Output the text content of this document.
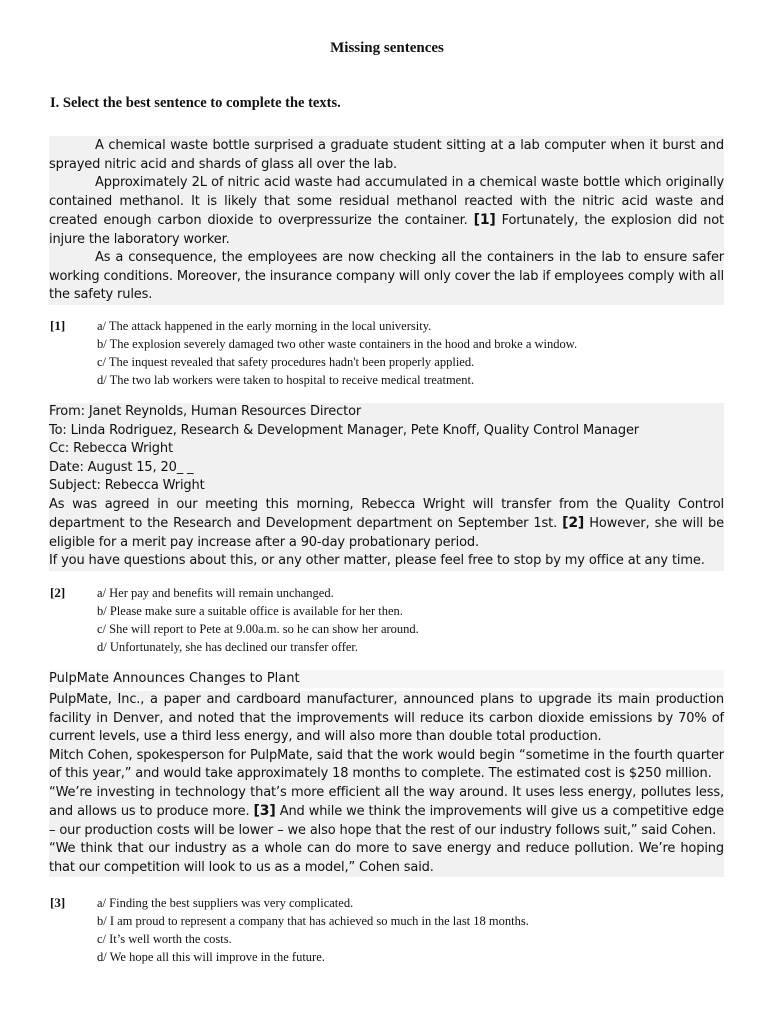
Missing sentences
I. Select the best sentence to complete the texts.

A chemical waste bottle surprised a graduate student sitting at a lab computer when it burst and sprayed nitric acid and shards of glass all over the lab.

Approximately 2L of nitric acid waste had accumulated in a chemical waste bottle which originally contained methanol. It is likely that some residual methanol reacted with the nitric acid waste and created enough carbon dioxide to overpressurize the container. [1] Fortunately, the explosion did not injure the laboratory worker.

As a consequence, the employees are now checking all the containers in the lab to ensure safer working conditions. Moreover, the insurance company will only cover the lab if employees comply with all the safety rules.

[1]	a/ The attack happened in the early morning in the local university.
b/ The explosion severely damaged two other waste containers in the hood and broke a window.
c/ The inquest revealed that safety procedures hadn't been properly applied.
d/ The two lab workers were taken to hospital to receive medical treatment.

From: Janet Reynolds, Human Resources Director

To: Linda Rodriguez, Research & Development Manager, Pete Knoff, Quality Control Manager

Cc: Rebecca Wright

Date: August 15, 20_ _

Subject: Rebecca Wright

As was agreed in our meeting this morning, Rebecca Wright will transfer from the Quality Control department to the Research and Development department on September 1st. [2] However, she will be eligible for a merit pay increase after a 90-day probationary period.

If you have questions about this, or any other matter, please feel free to stop by my office at any time.

[2]	a/ Her pay and benefits will remain unchanged.
b/ Please make sure a suitable office is available for her then.
c/ She will report to Pete at 9.00a.m. so he can show her around.
d/ Unfortunately, she has declined our transfer offer.
PulpMate Announces Changes to Plant

PulpMate, Inc., a paper and cardboard manufacturer, announced plans to upgrade its main production facility in Denver, and noted that the improvements will reduce its carbon dioxide emissions by 70% of current levels, use a third less energy, and will also more than double total production.

Mitch Cohen, spokesperson for PulpMate, said that the work would begin “sometime in the fourth quarter of this year,” and would take approximately 18 months to complete. The estimated cost is $250 million.

“We’re investing in technology that’s more efficient all the way around. It uses less energy, pollutes less, and allows us to produce more. [3] And while we think the improvements will give us a competitive edge – our production costs will be lower – we also hope that the rest of our industry follows suit,” said Cohen.

“We think that our industry as a whole can do more to save energy and reduce pollution. We’re hoping that our competition will look to us as a model,” Cohen said.

[3]	a/ Finding the best suppliers was very complicated.
b/ I am proud to represent a company that has achieved so much in the last 18 months.
c/ It’s well worth the costs.
d/ We hope all this will improve in the future.
